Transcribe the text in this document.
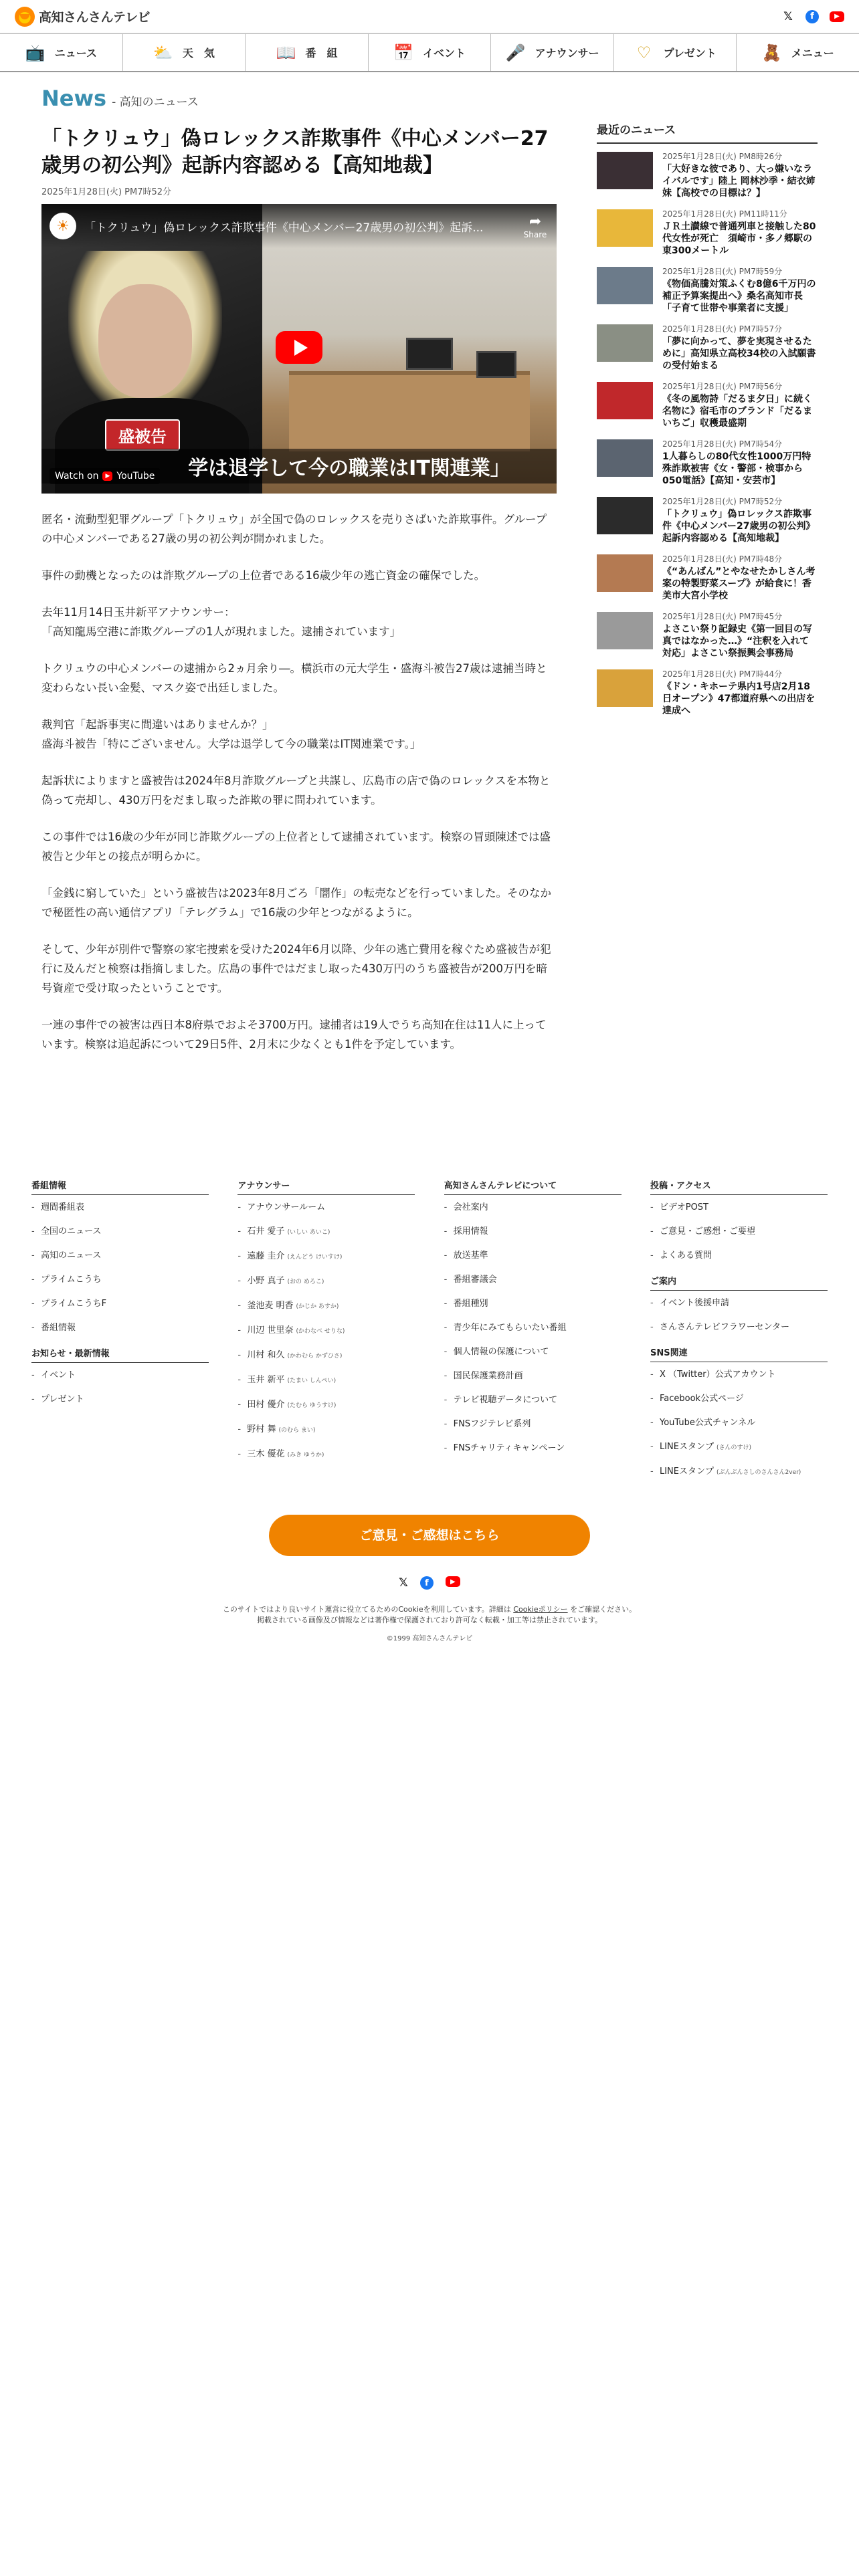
高知さんさんテレビ	𝕏	f	▶
📺 ニュース	⛅ 天　気	📖 番　組	📅 イベント 🎤 アナウンサー ♡ プレゼント	🧸 メニュー
News - 高知のニュース
「トクリュウ」偽ロレックス詐欺事件《中心メンバー27歳男の初公判》起訴内容認める【高知地裁】
2025年1月28日(火) PM7時52分
☀	「トクリュウ」偽ロレックス詐欺事件《中心メンバー27歳男の初公判》起訴...	➦
Share
盛被告
学は退学して今の職業はIT関連業」
Watch on	▶ YouTube

匿名・流動型犯罪グループ「トクリュウ」が全国で偽のロレックスを売りさばいた詐欺事件。グループの中心メンバーである27歳の男の初公判が開かれました。

事件の動機となったのは詐欺グループの上位者である16歳少年の逃亡資金の確保でした。

去年11月14日玉井新平アナウンサー：
「高知龍馬空港に詐欺グループの1人が現れました。逮捕されています」

トクリュウの中心メンバーの逮捕から2ヵ月余り―。横浜市の元大学生・盛海斗被告27歳は逮捕当時と変わらない長い金髪、マスク姿で出廷しました。

裁判官「起訴事実に間違いはありませんか？」
盛海斗被告「特にございません。大学は退学して今の職業はIT関連業です。」

起訴状によりますと盛被告は2024年8月詐欺グループと共謀し、広島市の店で偽のロレックスを本物と偽って売却し、430万円をだまし取った詐欺の罪に問われています。

この事件では16歳の少年が同じ詐欺グループの上位者として逮捕されています。検察の冒頭陳述では盛被告と少年との接点が明らかに。

「金銭に窮していた」という盛被告は2023年8月ごろ「闇作」の転売などを行っていました。そのなかで秘匿性の高い通信アプリ「テレグラム」で16歳の少年とつながるように。

そして、少年が別件で警察の家宅捜索を受けた2024年6月以降、少年の逃亡費用を稼ぐため盛被告が犯行に及んだと検察は指摘しました。広島の事件ではだまし取った430万円のうち盛被告が200万円を暗号資産で受け取ったということです。

一連の事件での被害は西日本8府県でおよそ3700万円。逮捕者は19人でうち高知在住は11人に上っています。検察は追起訴について29日5件、2月末に少なくとも1件を予定しています。

最近のニュース
2025年1月28日(火) PM8時26分
「大好きな彼であり、大っ嫌いなライバルです」陸上 岡林沙季・結衣姉妹【高校での目標は？】
2025年1月28日(火) PM11時11分
ＪＲ土讃線で普通列車と接触した80代女性が死亡　須崎市・多ノ郷駅の東300メートル
2025年1月28日(火) PM7時59分
《物価高騰対策ふくむ8億6千万円の補正予算案提出へ》桑名高知市長「子育て世帯や事業者に支援」
2025年1月28日(火) PM7時57分
「夢に向かって、夢を実現させるために」高知県立高校34校の入試願書の受付始まる
2025年1月28日(火) PM7時56分
《冬の風物詩「だるま夕日」に続く名物に》宿毛市のブランド「だるまいちご」収穫最盛期
2025年1月28日(火) PM7時54分
1人暮らしの80代女性1000万円特殊詐欺被害《女・警部・検事から050電話》【高知・安芸市】
2025年1月28日(火) PM7時52分
「トクリュウ」偽ロレックス詐欺事件《中心メンバー27歳男の初公判》起訴内容認める【高知地裁】
2025年1月28日(火) PM7時48分
《“あんばん”とやなせたかしさん考案の特製野菜スープ》が給食に！香美市大宮小学校
2025年1月28日(火) PM7時45分
よさこい祭り記録史《第一回目の写真ではなかった…》“注釈を入れて対応」よさこい祭振興会事務局
2025年1月28日(火) PM7時44分
《ドン・キホーテ県内1号店2月18日オープン》47都道府県への出店を達成へ
番組情報
- 週間番組表
- 全国のニュース
- 高知のニュース
- プライムこうち
- プライムこうちF
- 番組情報
お知らせ・最新情報
- イベント
- プレゼント
アナウンサー
- アナウンサールーム
- 石井 愛子 (いしい あいこ)
- 遠藤 圭介 (えんどう けいすけ)
- 小野 真子 (おの めろこ)
- 釜池麦 明香 (かじか あすか)
- 川辺 世里奈 (かわなべ せりな)
- 川村 和久 (かわむら かずひさ)
- 玉井 新平 (たまい しんぺい)
- 田村 優介 (たむら ゆうすけ)
- 野村 舞 (のむら まい)
- 三木 優花 (みき ゆうか)
高知さんさんテレビについて
- 会社案内
- 採用情報
- 放送基準
- 番組審議会
- 番組種別
- 青少年にみてもらいたい番組
- 個人情報の保護について
- 国民保護業務計画
- テレビ視聴データについて
- FNSフジテレビ系列
- FNSチャリティキャンペーン
投稿・アクセス
- ビデオPOST
- ご意見・ご感想・ご要望
- よくある質問
ご案内
- イベント後援申請
- さんさんテレビフラワーセンター
SNS関連
- X （Twitter）公式アカウント
- Facebook公式ページ
- YouTube公式チャンネル
- LINEスタンプ (さんのすけ)
- LINEスタンプ (ぶんぶんさしのさんさん2ver)
ご意見・ご感想はこちら
𝕏	f	▶
このサイトではより良いサイト運営に役立てるためのCookieを利用しています。詳細は Cookieポリシー をご確認ください。
掲載されている画像及び情報などは著作権で保護されており許可なく転載・加工等は禁止されています。
©1999 高知さんさんテレビ
